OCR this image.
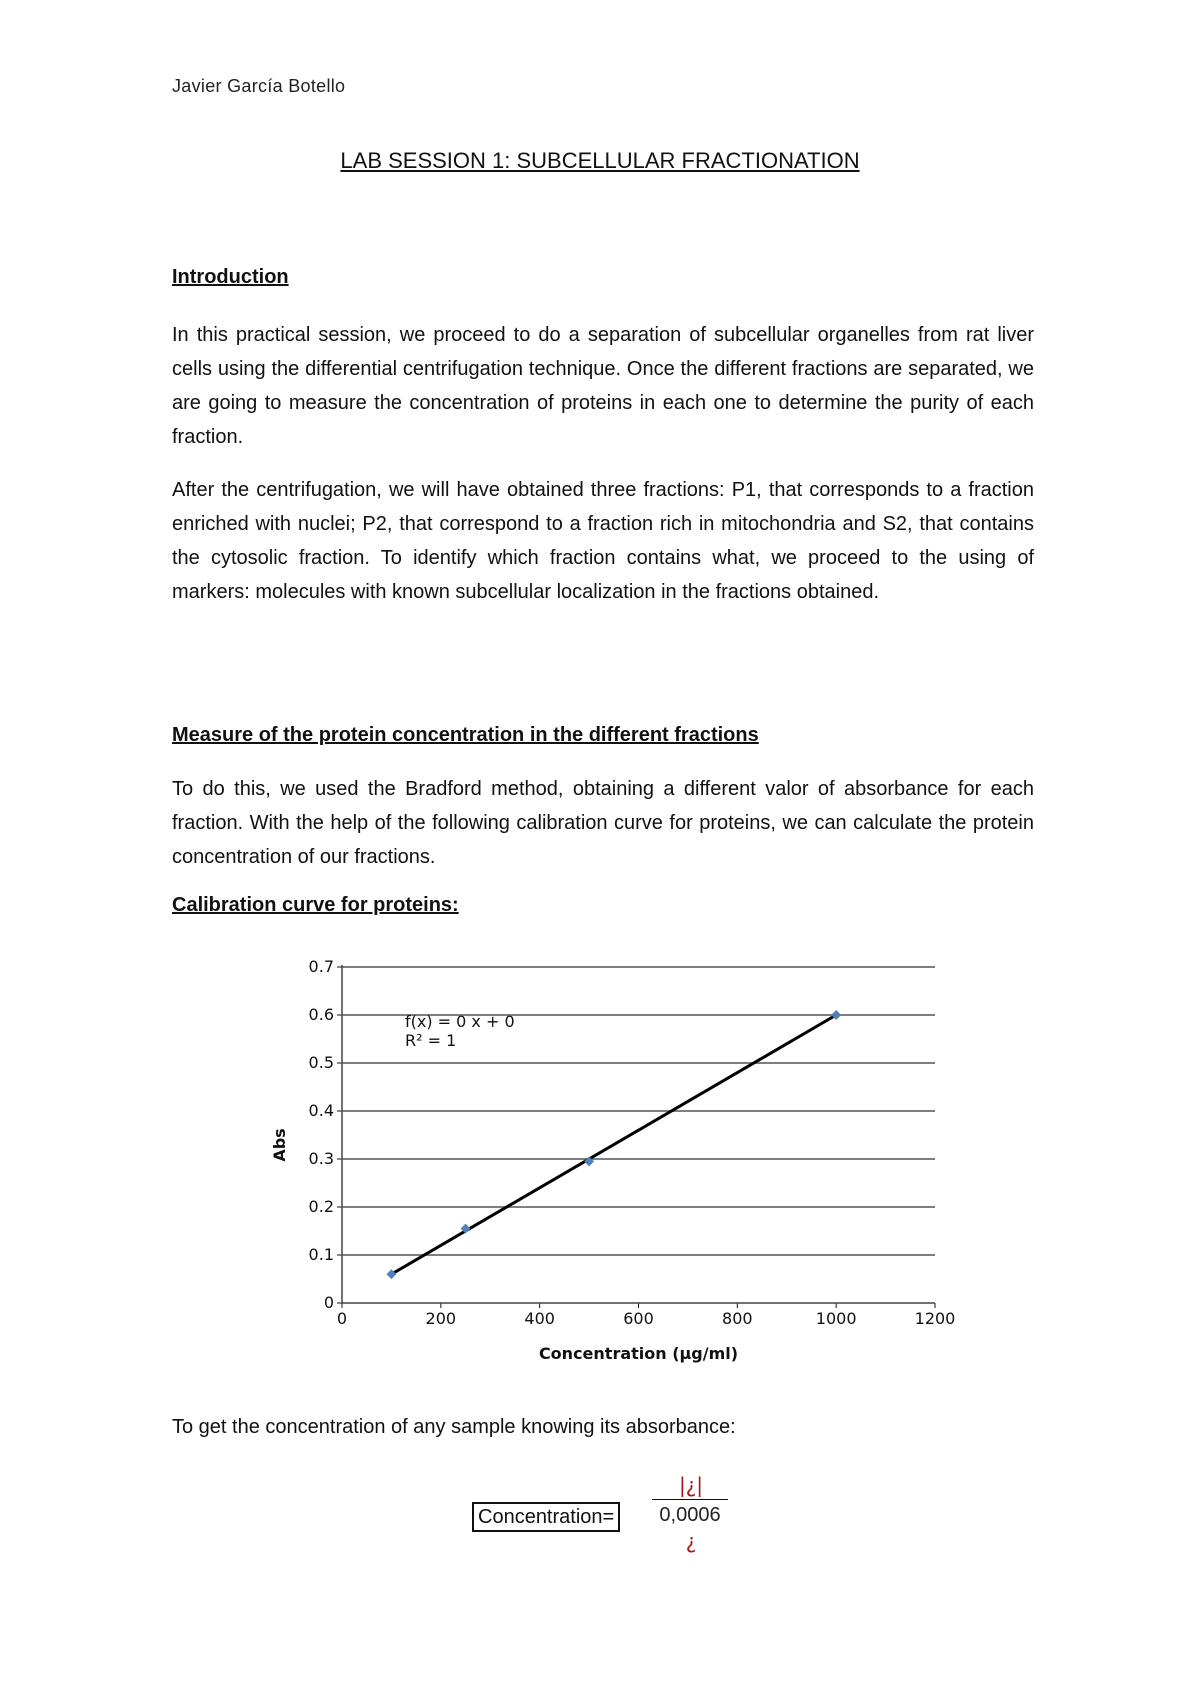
Javier García Botello
LAB SESSION 1: SUBCELLULAR FRACTIONATION
Introduction

In this practical session, we proceed to do a separation of subcellular organelles from rat liver cells using the differential centrifugation technique. Once the different fractions are separated, we are going to measure the concentration of proteins in each one to determine the purity of each fraction.

After the centrifugation, we will have obtained three fractions: P1, that corresponds to a fraction enriched with nuclei; P2, that correspond to a fraction rich in mitochondria and S2, that contains the cytosolic fraction. To identify which fraction contains what, we proceed to the using of markers: molecules with known subcellular localization in the fractions obtained.

Measure of the protein concentration in the different fractions

To do this, we used the Bradford method, obtaining a different valor of absorbance for each fraction. With the help of the following calibration curve for proteins, we can calculate the protein concentration of our fractions.

Calibration curve for proteins:
0
0.1
0.2
0.3
0.4
0.5
0.6
0.7
0	200	400	600	800	1000	1200
f(x) = 0 x + 0
R² = 1
Concentration (µg/ml)
Abs

To get the concentration of any sample knowing its absorbance:

Concentration=
|¿|
0,0006
¿
